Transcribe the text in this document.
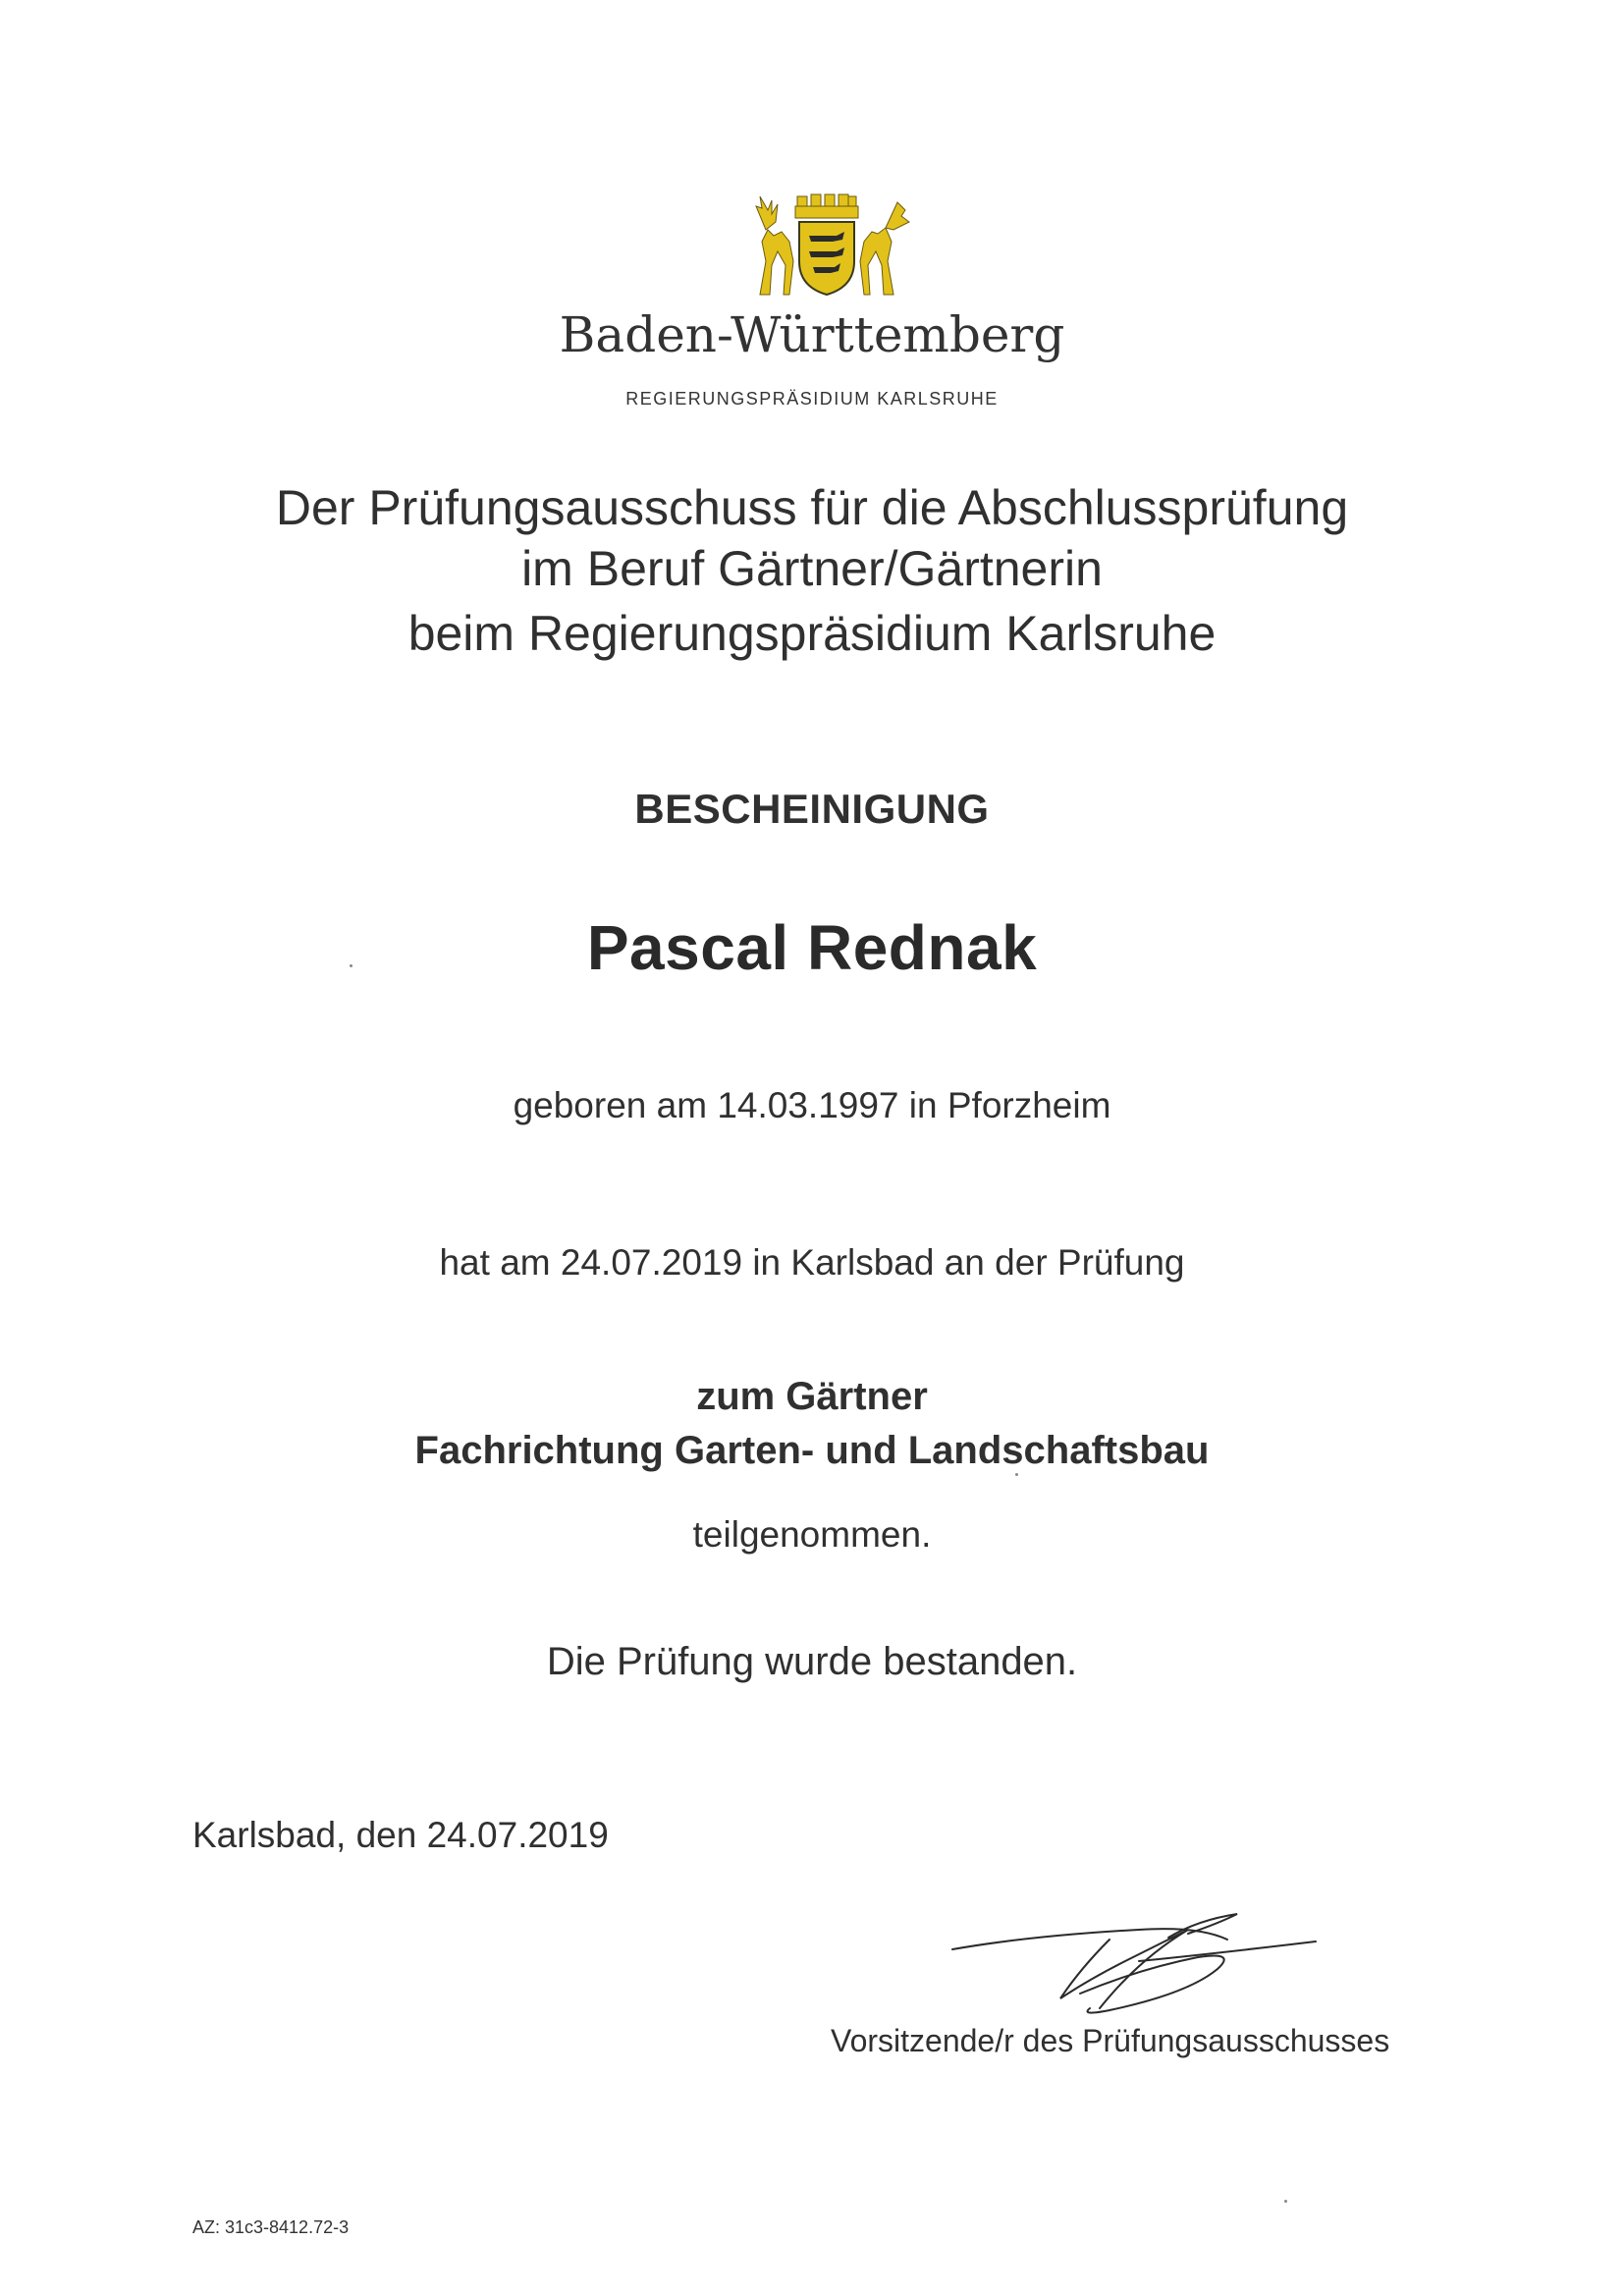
Baden-Württemberg
REGIERUNGSPRÄSIDIUM KARLSRUHE
Der Prüfungsausschuss für die Abschlussprüfung
im Beruf Gärtner/Gärtnerin
beim Regierungspräsidium Karlsruhe
BESCHEINIGUNG
Pascal Rednak
geboren am 14.03.1997 in Pforzheim
hat am 24.07.2019 in Karlsbad an der Prüfung
zum Gärtner
Fachrichtung Garten- und Landschaftsbau
teilgenommen.
Die Prüfung wurde bestanden.
Karlsbad, den 24.07.2019
Vorsitzende/r des Prüfungsausschusses
AZ: 31c3-8412.72-3
